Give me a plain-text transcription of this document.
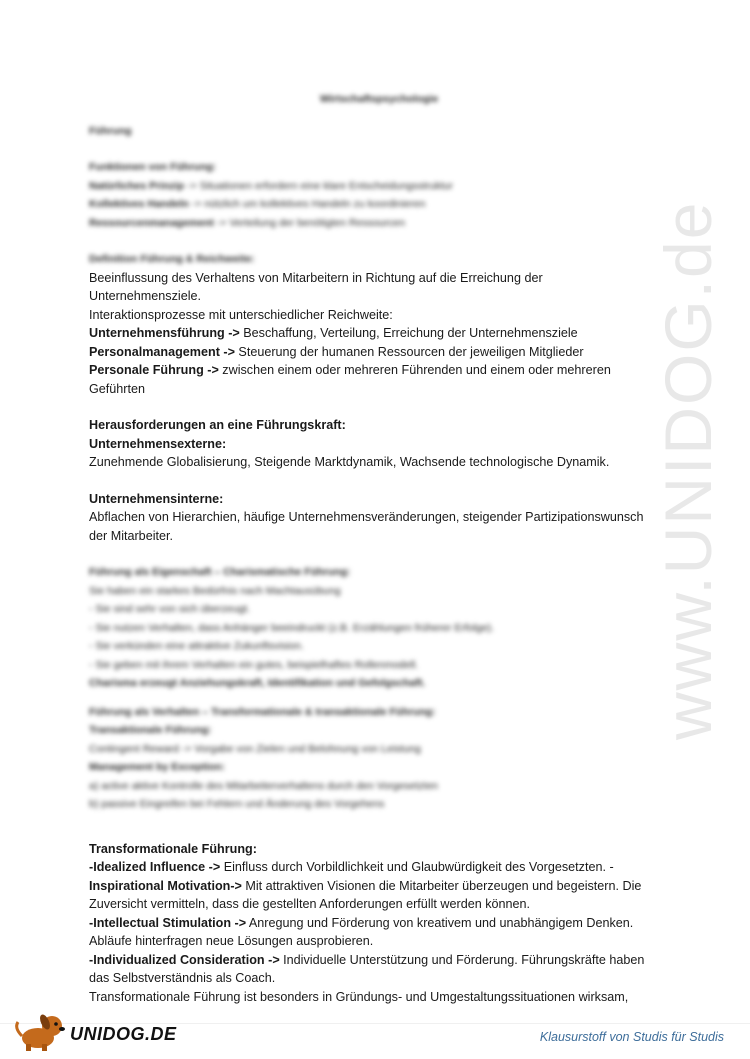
www.UNIDOG.de
Wirtschaftspsychologie
Führung
Funktionen von Führung:
Natürliches Prinzip -> Situationen erfordern eine klare Entscheidungsstruktur
Kollektives Handeln -> nützlich um kollektives Handeln zu koordinieren
Ressourcenmanagement -> Verteilung der benötigten Ressourcen
Definition Führung & Reichweite:
Beeinflussung des Verhaltens von Mitarbeitern in Richtung auf die Erreichung der
Unternehmensziele.
Interaktionsprozesse mit unterschiedlicher Reichweite:
Unternehmensführung -> Beschaffung, Verteilung, Erreichung der Unternehmensziele
Personalmanagement -> Steuerung der humanen Ressourcen der jeweiligen Mitglieder
Personale Führung -> zwischen einem oder mehreren Führenden und einem oder mehreren
Geführten
Herausforderungen an eine Führungskraft:
Unternehmensexterne:
Zunehmende Globalisierung, Steigende Marktdynamik, Wachsende technologische Dynamik.
Unternehmensinterne:
Abflachen von Hierarchien, häufige Unternehmensveränderungen, steigender Partizipationswunsch
der Mitarbeiter.
Führung als Eigenschaft – Charismatische Führung:
Sie haben ein starkes Bedürfnis nach Machtausübung
- Sie sind sehr von sich überzeugt.
- Sie nutzen Verhalten, dass Anhänger beeindruckt (z.B. Erzählungen früherer Erfolge).
- Sie verkünden eine attraktive Zukunftsvision.
- Sie geben mit ihrem Verhalten ein gutes, beispielhaftes Rollenmodell.
Charisma erzeugt Anziehungskraft, Identifikation und Gefolgschaft.
Führung als Verhalten – Transformationale & transaktionale Führung:
Transaktionale Führung:
Contingent Reward -> Vorgabe von Zielen und Belohnung von Leistung
Management by Exception:
a) active aktive Kontrolle des Mitarbeiterverhaltens durch den Vorgesetzten
b) passive Eingreifen bei Fehlern und Änderung des Vorgehens
Transformationale Führung:
-Idealized Influence -> Einfluss durch Vorbildlichkeit und Glaubwürdigkeit des Vorgesetzten. -
Inspirational Motivation-> Mit attraktiven Visionen die Mitarbeiter überzeugen und begeistern. Die
Zuversicht vermitteln, dass die gestellten Anforderungen erfüllt werden können.
-Intellectual Stimulation -> Anregung und Förderung von kreativem und unabhängigem Denken.
Abläufe hinterfragen neue Lösungen ausprobieren.
-Individualized Consideration -> Individuelle Unterstützung und Förderung. Führungskräfte haben
das Selbstverständnis als Coach.
Transformationale Führung ist besonders in Gründungs- und Umgestaltungssituationen wirksam,
UNIDOG.DE	Klausurstoff von Studis für Studis
